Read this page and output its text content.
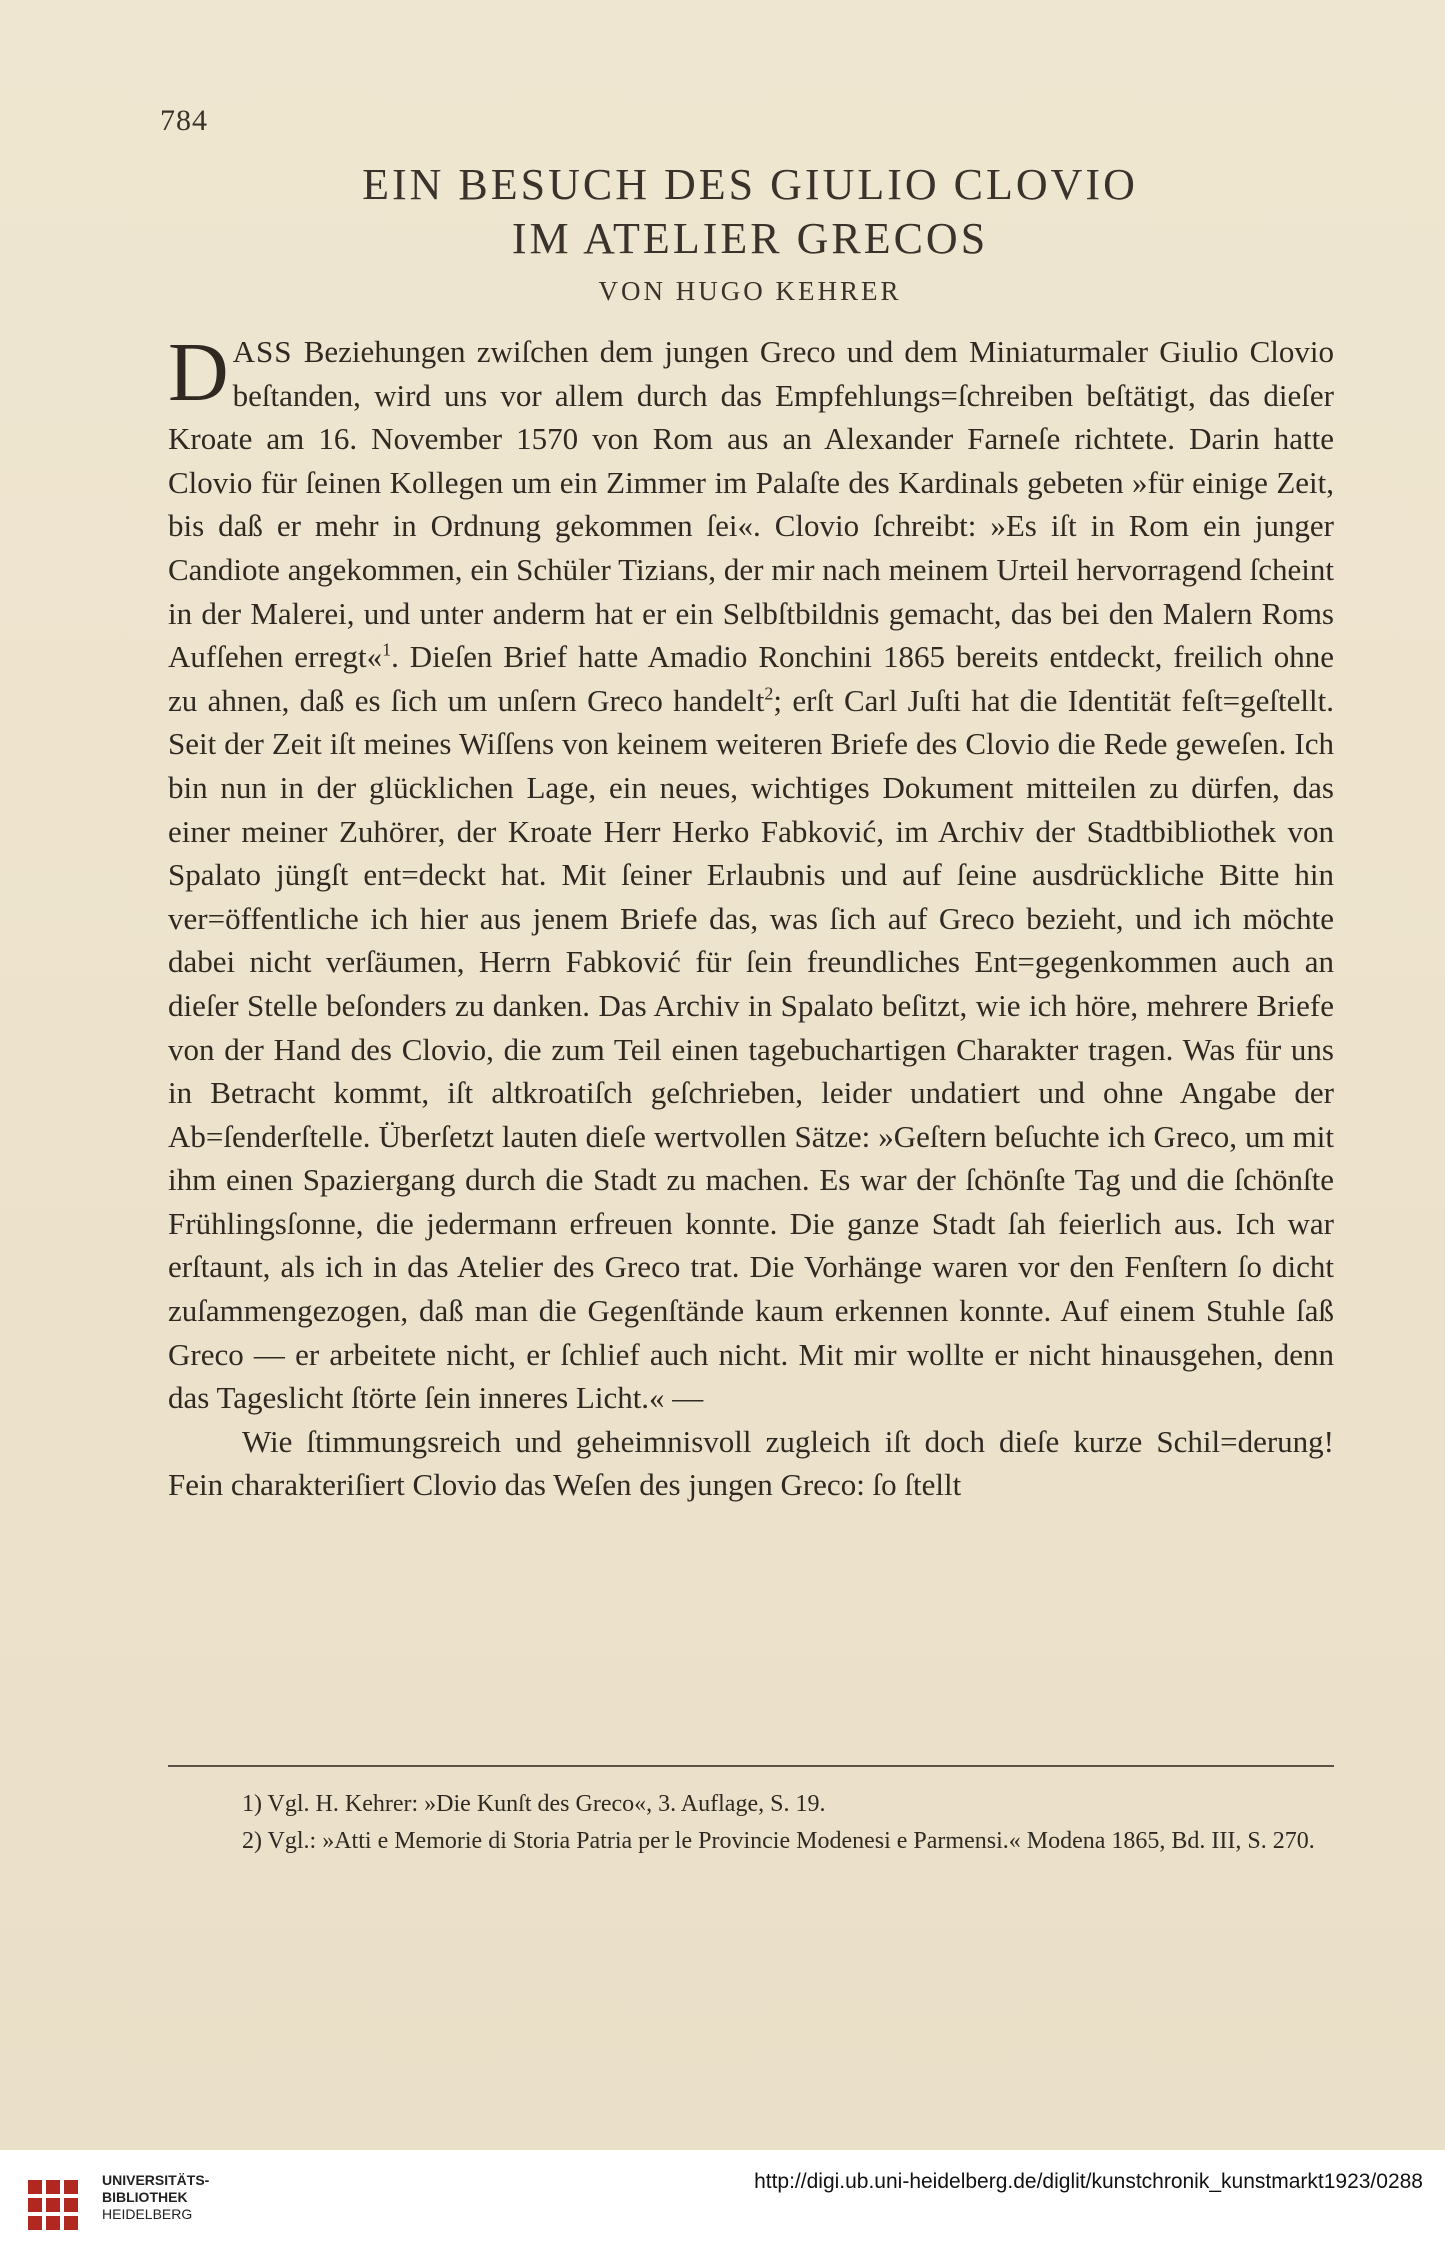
784
EIN BESUCH DES GIULIO CLOVIO
IM ATELIER GRECOS
VON HUGO KEHRER

DASS Beziehungen zwiſchen dem jungen Greco und dem Miniaturmaler Giulio Clovio beſtanden, wird uns vor allem durch das Empfehlungs=ſchreiben beſtätigt, das dieſer Kroate am 16. November 1570 von Rom aus an Alexander Farneſe richtete. Darin hatte Clovio für ſeinen Kollegen um ein Zimmer im Palaſte des Kardinals gebeten »für einige Zeit, bis daß er mehr in Ordnung gekommen ſei«. Clovio ſchreibt: »Es iſt in Rom ein junger Candiote angekommen, ein Schüler Tizians, der mir nach meinem Urteil hervorragend ſcheint in der Malerei, und unter anderm hat er ein Selbſtbildnis gemacht, das bei den Malern Roms Aufſehen erregt«$^1$. Dieſen Brief hatte Amadio Ronchini 1865 bereits entdeckt, freilich ohne zu ahnen, daß es ſich um unſern Greco handelt$^2$; erſt Carl Juſti hat die Identität feſt=geſtellt. Seit der Zeit iſt meines Wiſſens von keinem weiteren Briefe des Clovio die Rede geweſen. Ich bin nun in der glücklichen Lage, ein neues, wichtiges Dokument mitteilen zu dürfen, das einer meiner Zuhörer, der Kroate Herr Herko Fabković, im Archiv der Stadtbibliothek von Spalato jüngſt ent=deckt hat. Mit ſeiner Erlaubnis und auf ſeine ausdrückliche Bitte hin ver=öffentliche ich hier aus jenem Briefe das, was ſich auf Greco bezieht, und ich möchte dabei nicht verſäumen, Herrn Fabković für ſein freundliches Ent=gegenkommen auch an dieſer Stelle beſonders zu danken. Das Archiv in Spalato beſitzt, wie ich höre, mehrere Briefe von der Hand des Clovio, die zum Teil einen tagebuchartigen Charakter tragen. Was für uns in Betracht kommt, iſt altkroatiſch geſchrieben, leider undatiert und ohne Angabe der Ab=ſenderſtelle. Überſetzt lauten dieſe wertvollen Sätze: »Geſtern beſuchte ich Greco, um mit ihm einen Spaziergang durch die Stadt zu machen. Es war der ſchönſte Tag und die ſchönſte Frühlingsſonne, die jedermann erfreuen konnte. Die ganze Stadt ſah feierlich aus. Ich war erſtaunt, als ich in das Atelier des Greco trat. Die Vorhänge waren vor den Fenſtern ſo dicht zuſammengezogen, daß man die Gegenſtände kaum erkennen konnte. Auf einem Stuhle ſaß Greco — er arbeitete nicht, er ſchlief auch nicht. Mit mir wollte er nicht hinausgehen, denn das Tageslicht ſtörte ſein inneres Licht.« —

Wie ſtimmungsreich und geheimnisvoll zugleich iſt doch dieſe kurze Schil=derung! Fein charakteriſiert Clovio das Weſen des jungen Greco: ſo ſtellt

1) Vgl. H. Kehrer: »Die Kunſt des Greco«, 3. Auflage, S. 19.

2) Vgl.: »Atti e Memorie di Storia Patria per le Provincie Modenesi e Parmensi.« Modena 1865, Bd. III, S. 270.

UNIVERSITÄTS-
BIBLIOTHEK
HEIDELBERG
http://digi.ub.uni-heidelberg.de/diglit/kunstchronik_kunstmarkt1923/0288
